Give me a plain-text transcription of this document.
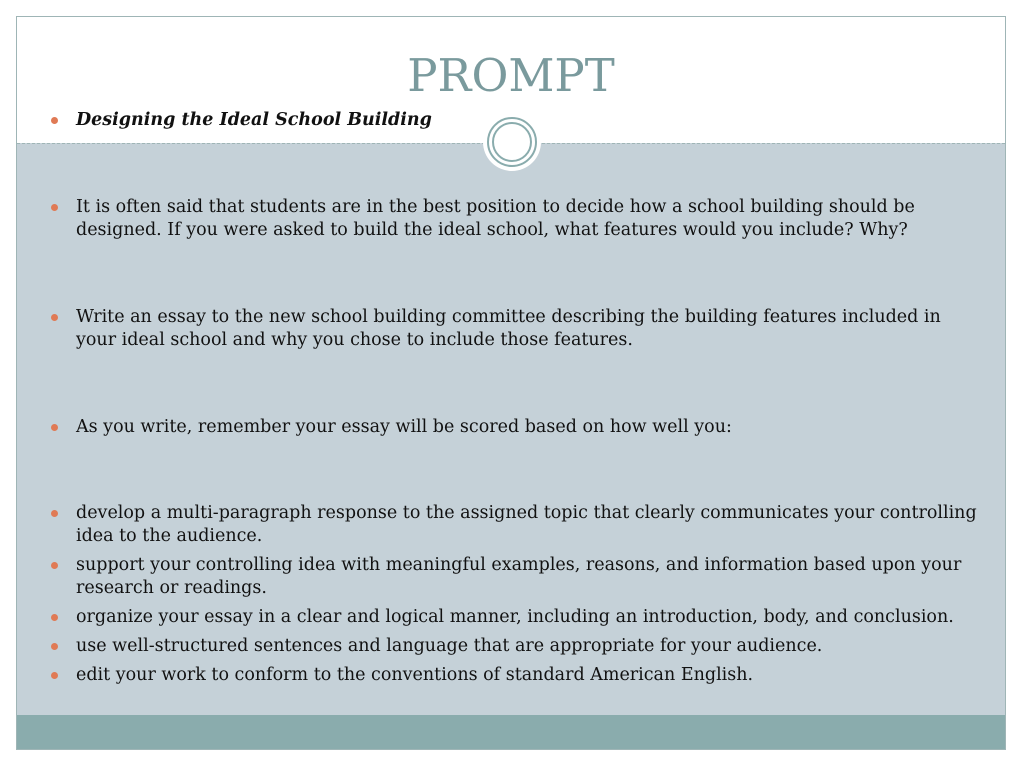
PROMPT
Designing the Ideal School Building
It is often said that students are in the best position to decide how a school building should be designed. If you were asked to build the ideal school, what features would you include? Why?
Write an essay to the new school building committee describing the building features included in your ideal school and why you chose to include those features.
As you write, remember your essay will be scored based on how well you:
develop a multi-paragraph response to the assigned topic that clearly communicates your controlling idea to the audience.
support your controlling idea with meaningful examples, reasons, and information based upon your research or readings.
organize your essay in a clear and logical manner, including an introduction, body, and conclusion.
use well-structured sentences and language that are appropriate for your audience.
edit your work to conform to the conventions of standard American English.
